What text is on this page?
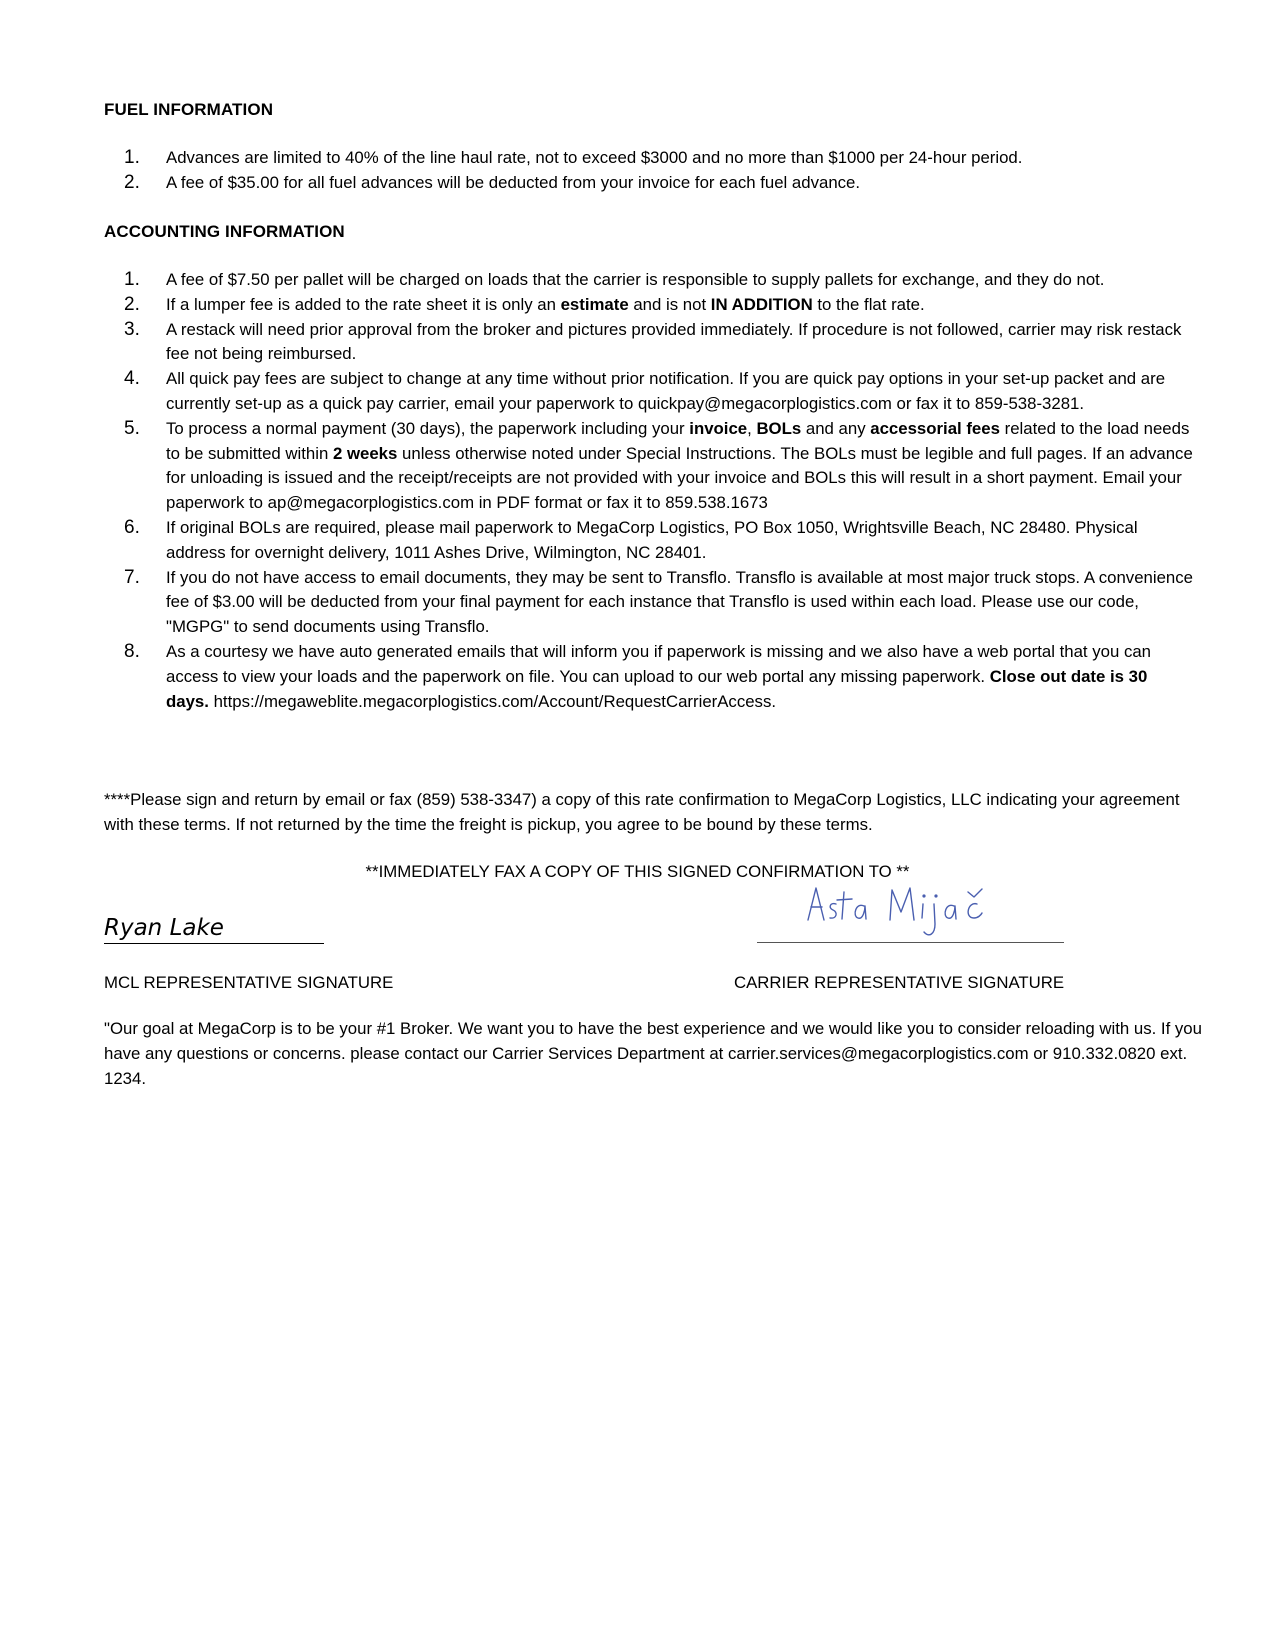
FUEL INFORMATION
1.	Advances are limited to 40% of the line haul rate, not to exceed $3000 and no more than $1000 per 24-hour period.
2.	A fee of $35.00 for all fuel advances will be deducted from your invoice for each fuel advance.
ACCOUNTING INFORMATION
1.	A fee of $7.50 per pallet will be charged on loads that the carrier is responsible to supply pallets for exchange, and they do not.
2.	If a lumper fee is added to the rate sheet it is only an estimate and is not IN ADDITION to the flat rate.
3.	A restack will need prior approval from the broker and pictures provided immediately. If procedure is not followed, carrier may risk restack fee not being reimbursed.
4.	All quick pay fees are subject to change at any time without prior notification. If you are quick pay options in your set-up packet and are currently set-up as a quick pay carrier, email your paperwork to quickpay@megacorplogistics.com or fax it to 859-538-3281.
5.	To process a normal payment (30 days), the paperwork including your invoice, BOLs and any accessorial fees related to the load needs to be submitted within 2 weeks unless otherwise noted under Special Instructions. The BOLs must be legible and full pages. If an advance for unloading is issued and the receipt/receipts are not provided with your invoice and BOLs this will result in a short payment. Email your paperwork to ap@megacorplogistics.com in PDF format or fax it to 859.538.1673
6.	If original BOLs are required, please mail paperwork to MegaCorp Logistics, PO Box 1050, Wrightsville Beach, NC 28480. Physical address for overnight delivery, 1011 Ashes Drive, Wilmington, NC 28401.
7.	If you do not have access to email documents, they may be sent to Transflo. Transflo is available at most major truck stops. A convenience fee of $3.00 will be deducted from your final payment for each instance that Transflo is used within each load. Please use our code, "MGPG" to send documents using Transflo.
8.	As a courtesy we have auto generated emails that will inform you if paperwork is missing and we also have a web portal that you can access to view your loads and the paperwork on file. You can upload to our web portal any missing paperwork. Close out date is 30 days. https://megaweblite.megacorplogistics.com/Account/RequestCarrierAccess.

****Please sign and return by email or fax (859) 538-3347) a copy of this rate confirmation to MegaCorp Logistics, LLC indicating your agreement with these terms. If not returned by the time the freight is pickup, you agree to be bound by these terms.

**IMMEDIATELY FAX A COPY OF THIS SIGNED CONFIRMATION TO **
Ryan Lake
MCL REPRESENTATIVE SIGNATURE	CARRIER REPRESENTATIVE SIGNATURE

"Our goal at MegaCorp is to be your #1 Broker. We want you to have the best experience and we would like you to consider reloading with us. If you have any questions or concerns. please contact our Carrier Services Department at carrier.services@megacorplogistics.com or 910.332.0820 ext. 1234.
